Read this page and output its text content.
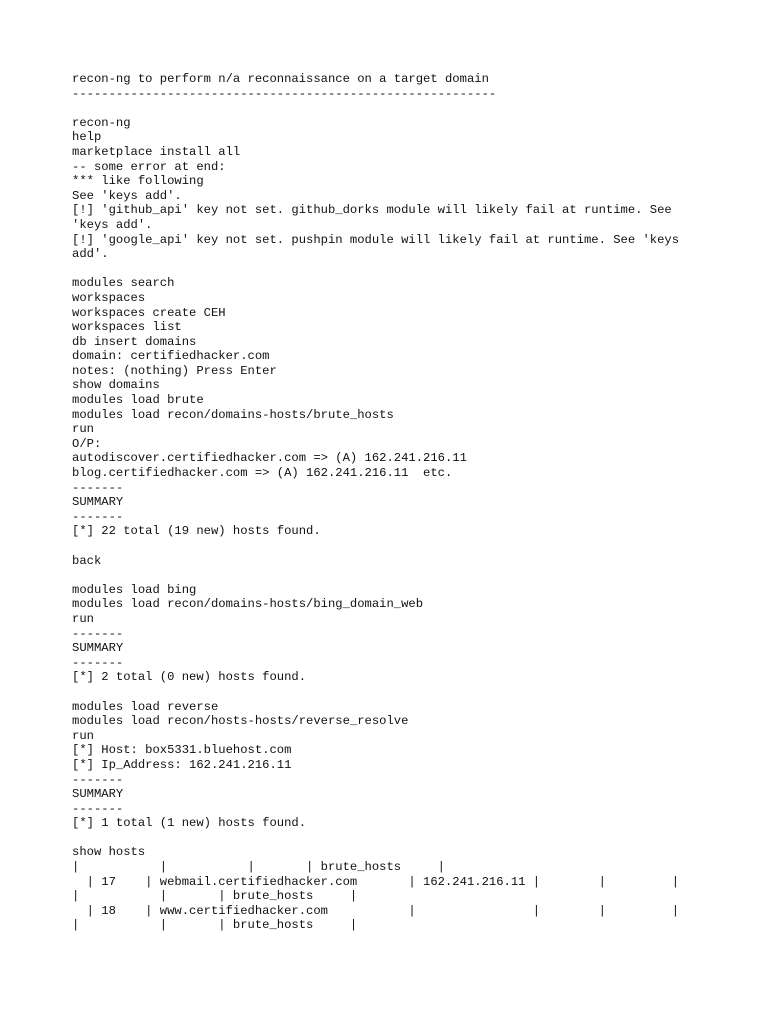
recon-ng to perform n/a reconnaissance on a target domain
----------------------------------------------------------
recon-ng
help
marketplace install all
-- some error at end:
*** like following
See 'keys add'.
[!] 'github_api' key not set. github_dorks module will likely fail at runtime. See
'keys add'.
[!] 'google_api' key not set. pushpin module will likely fail at runtime. See 'keys
add'.
modules search
workspaces
workspaces create CEH
workspaces list
db insert domains
domain: certifiedhacker.com
notes: (nothing) Press Enter
show domains
modules load brute
modules load recon/domains-hosts/brute_hosts
run
O/P:
autodiscover.certifiedhacker.com => (A) 162.241.216.11
blog.certifiedhacker.com => (A) 162.241.216.11  etc.
-------
SUMMARY
-------
[*] 22 total (19 new) hosts found.
back
modules load bing
modules load recon/domains-hosts/bing_domain_web
run
-------
SUMMARY
-------
[*] 2 total (0 new) hosts found.
modules load reverse
modules load recon/hosts-hosts/reverse_resolve
run
[*] Host: box5331.bluehost.com
[*] Ip_Address: 162.241.216.11
-------
SUMMARY
-------
[*] 1 total (1 new) hosts found.
show hosts
|           |           |       | brute_hosts     |
| 17    | webmail.certifiedhacker.com       | 162.241.216.11 |        |         |
|           |       | brute_hosts     |
| 18    | www.certifiedhacker.com           |                |        |         |
|           |       | brute_hosts     |
